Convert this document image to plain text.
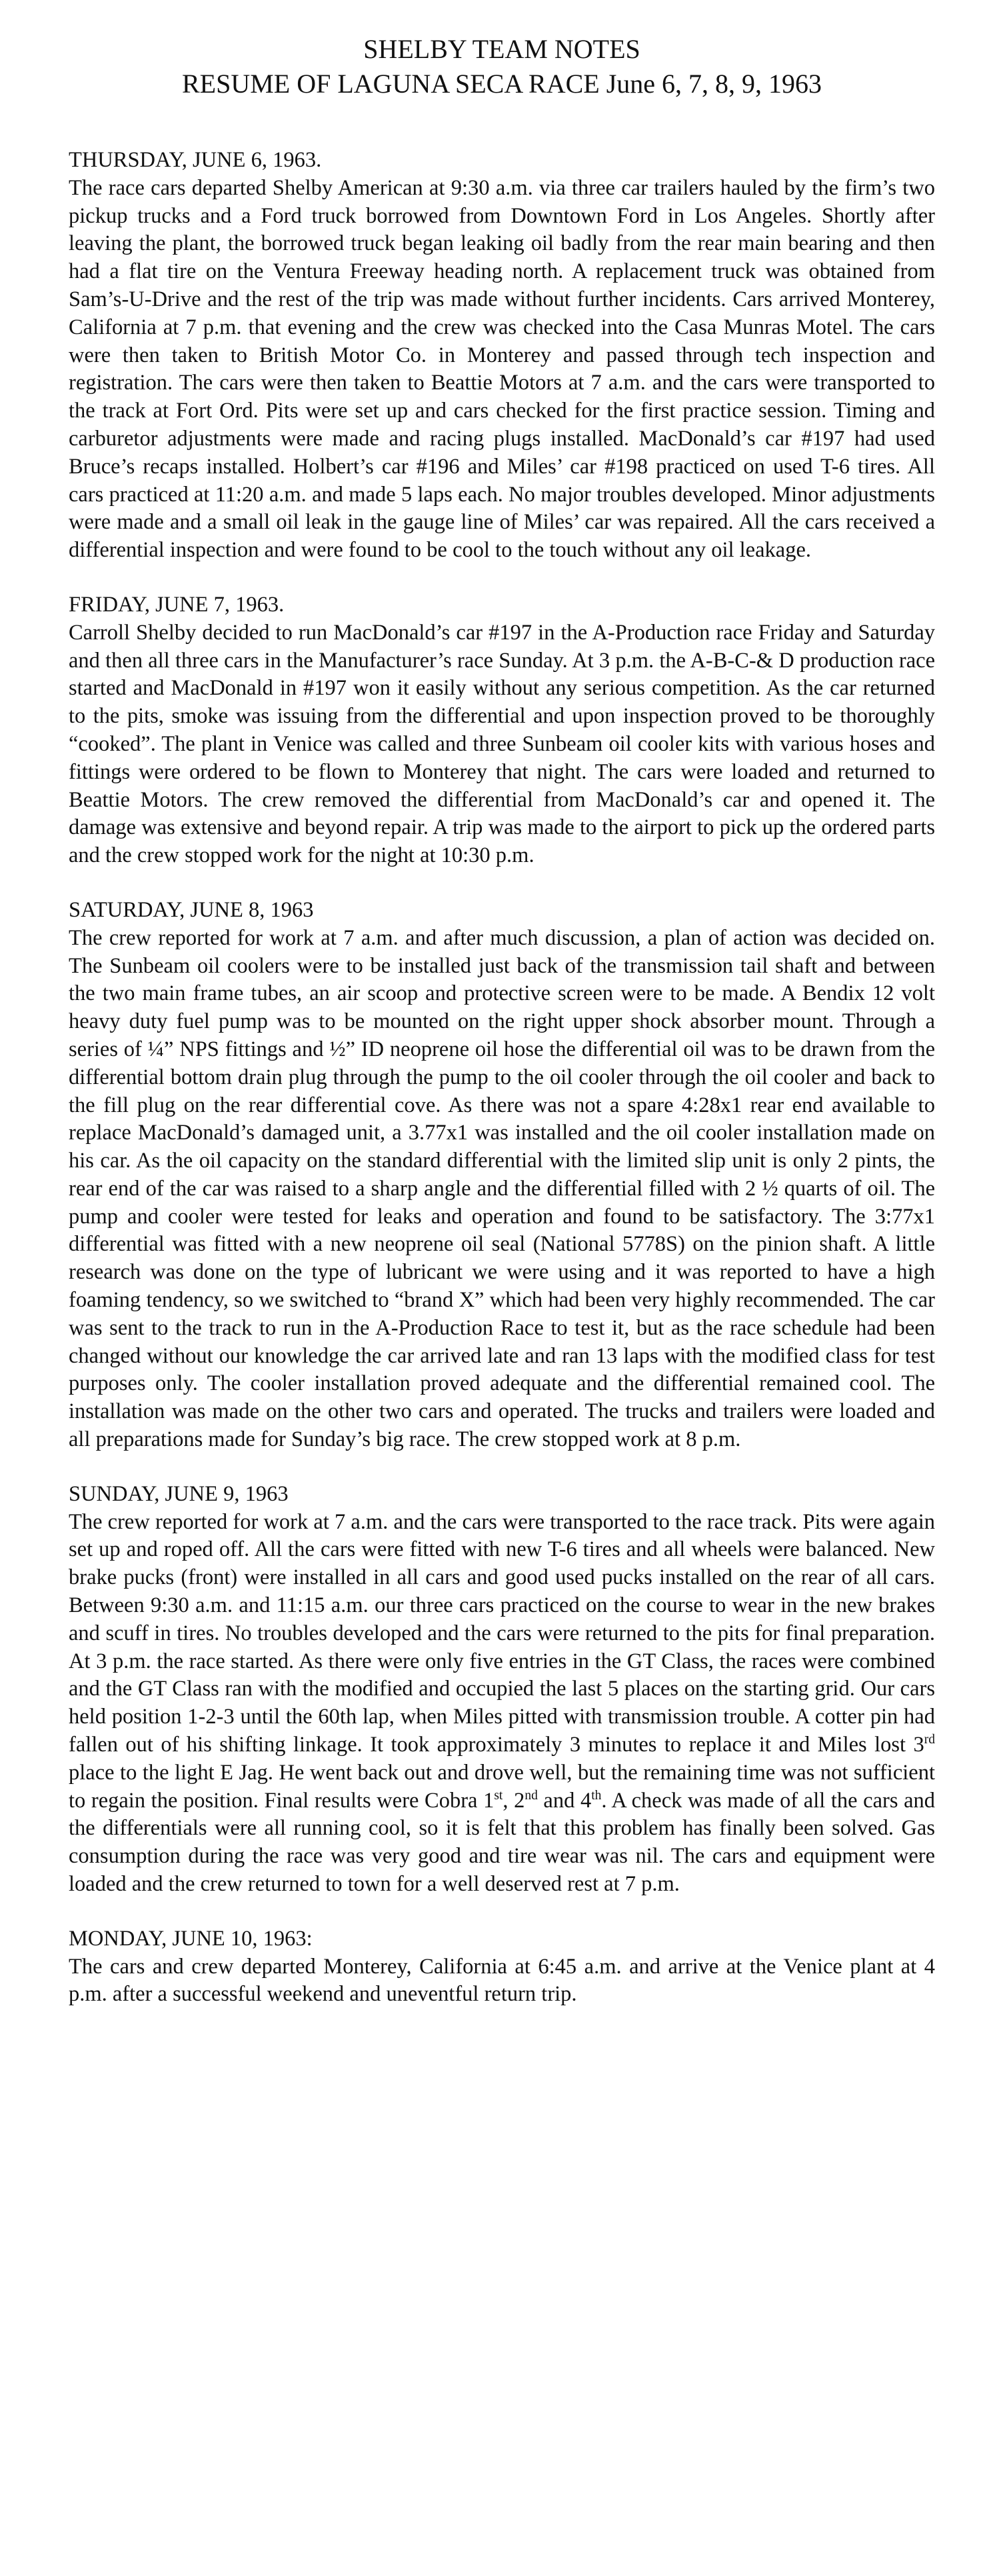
SHELBY TEAM NOTES
RESUME OF LAGUNA SECA RACE June 6, 7, 8, 9, 1963

THURSDAY, JUNE 6, 1963.

The race cars departed Shelby American at 9:30 a.m. via three car trailers hauled by the firm’s two pickup trucks and a Ford truck borrowed from Downtown Ford in Los Angeles. Shortly after leaving the plant, the borrowed truck began leaking oil badly from the rear main bearing and then had a flat tire on the Ventura Freeway heading north. A replacement truck was obtained from Sam’s-U-Drive and the rest of the trip was made without further incidents. Cars arrived Monterey, California at 7 p.m. that evening and the crew was checked into the Casa Munras Motel. The cars were then taken to British Motor Co. in Monterey and passed through tech inspection and registration. The cars were then taken to Beattie Motors at 7 a.m. and the cars were transported to the track at Fort Ord. Pits were set up and cars checked for the first practice session. Timing and carburetor adjustments were made and racing plugs installed. MacDonald’s car #197 had used Bruce’s recaps installed. Holbert’s car #196 and Miles’ car #198 practiced on used T-6 tires. All cars practiced at 11:20 a.m. and made 5 laps each. No major troubles developed. Minor adjustments were made and a small oil leak in the gauge line of Miles’ car was repaired. All the cars received a differential inspection and were found to be cool to the touch without any oil leakage.

FRIDAY, JUNE 7, 1963.

Carroll Shelby decided to run MacDonald’s car #197 in the A-Production race Friday and Saturday and then all three cars in the Manufacturer’s race Sunday. At 3 p.m. the A-B-C-& D production race started and MacDonald in #197 won it easily without any serious competition. As the car returned to the pits, smoke was issuing from the differential and upon inspection proved to be thoroughly “cooked”. The plant in Venice was called and three Sunbeam oil cooler kits with various hoses and fittings were ordered to be flown to Monterey that night. The cars were loaded and returned to Beattie Motors. The crew removed the differential from MacDonald’s car and opened it. The damage was extensive and beyond repair. A trip was made to the airport to pick up the ordered parts and the crew stopped work for the night at 10:30 p.m.

SATURDAY, JUNE 8, 1963

The crew reported for work at 7 a.m. and after much discussion, a plan of action was decided on. The Sunbeam oil coolers were to be installed just back of the transmission tail shaft and between the two main frame tubes, an air scoop and protective screen were to be made. A Bendix 12 volt heavy duty fuel pump was to be mounted on the right upper shock absorber mount. Through a series of ¼” NPS fittings and ½” ID neoprene oil hose the differential oil was to be drawn from the differential bottom drain plug through the pump to the oil cooler through the oil cooler and back to the fill plug on the rear differential cove. As there was not a spare 4:28x1 rear end available to replace MacDonald’s damaged unit, a 3.77x1 was installed and the oil cooler installation made on his car. As the oil capacity on the standard differential with the limited slip unit is only 2 pints, the rear end of the car was raised to a sharp angle and the differential filled with 2 ½ quarts of oil. The pump and cooler were tested for leaks and operation and found to be satisfactory. The 3:77x1 differential was fitted with a new neoprene oil seal (National 5778S) on the pinion shaft. A little research was done on the type of lubricant we were using and it was reported to have a high foaming tendency, so we switched to “brand X” which had been very highly recommended. The car was sent to the track to run in the A-Production Race to test it, but as the race schedule had been changed without our knowledge the car arrived late and ran 13 laps with the modified class for test purposes only. The cooler installation proved adequate and the differential remained cool. The installation was made on the other two cars and operated. The trucks and trailers were loaded and all preparations made for Sunday’s big race. The crew stopped work at 8 p.m.

SUNDAY, JUNE 9, 1963

The crew reported for work at 7 a.m. and the cars were transported to the race track. Pits were again set up and roped off. All the cars were fitted with new T-6 tires and all wheels were balanced. New brake pucks (front) were installed in all cars and good used pucks installed on the rear of all cars. Between 9:30 a.m. and 11:15 a.m. our three cars practiced on the course to wear in the new brakes and scuff in tires. No troubles developed and the cars were returned to the pits for final preparation. At 3 p.m. the race started. As there were only five entries in the GT Class, the races were combined and the GT Class ran with the modified and occupied the last 5 places on the starting grid. Our cars held position 1-2-3 until the 60th lap, when Miles pitted with transmission trouble. A cotter pin had fallen out of his shifting linkage. It took approximately 3 minutes to replace it and Miles lost 3rd place to the light E Jag. He went back out and drove well, but the remaining time was not sufficient to regain the position. Final results were Cobra 1st, 2nd and 4th. A check was made of all the cars and the differentials were all running cool, so it is felt that this problem has finally been solved. Gas consumption during the race was very good and tire wear was nil. The cars and equipment were loaded and the crew returned to town for a well deserved rest at 7 p.m.

MONDAY, JUNE 10, 1963:

The cars and crew departed Monterey, California at 6:45 a.m. and arrive at the Venice plant at 4 p.m. after a successful weekend and uneventful return trip.
